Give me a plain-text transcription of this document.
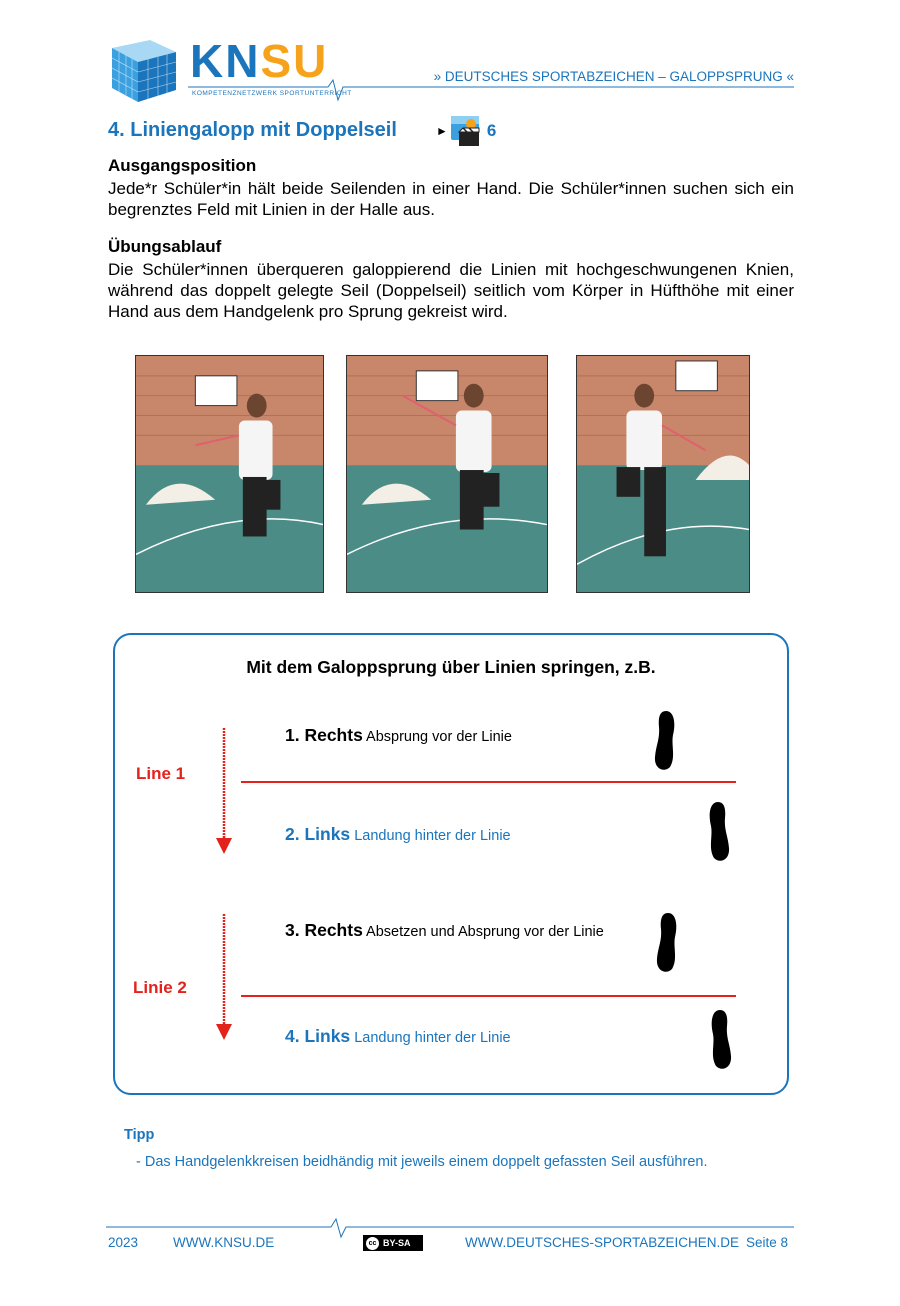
KNSU
KOMPETENZNETZWERK SPORTUNTERRICHT
» DEUTSCHES SPORTABZEICHEN – GALOPPSPRUNG «
4. Liniengalopp mit Doppelseil	► 6
Ausgangsposition
Jede*r Schüler*in hält beide Seilenden in einer Hand. Die Schüler*innen suchen sich ein begrenztes Feld mit Linien in der Halle aus.
Übungsablauf
Die Schüler*innen überqueren galoppierend die Linien mit hochgeschwungenen Knien, während das doppelt gelegte Seil (Doppelseil) seitlich vom Körper in Hüfthöhe mit einer Hand aus dem Handgelenk pro Sprung gekreist wird.
Mit dem Galoppsprung über Linien springen, z.B.
Line 1
Linie 2
1. Rechts Absprung vor der Linie
2. Links Landung hinter der Linie
3. Rechts Absetzen und Absprung vor der Linie
4. Links Landung hinter der Linie
Tipp
- Das Handgelenkkreisen beidhändig mit jeweils einem doppelt gefassten Seil ausführen.
2023	WWW.KNSU.DE	cc BY-SA	WWW.DEUTSCHES-SPORTABZEICHEN.DE Seite 8
